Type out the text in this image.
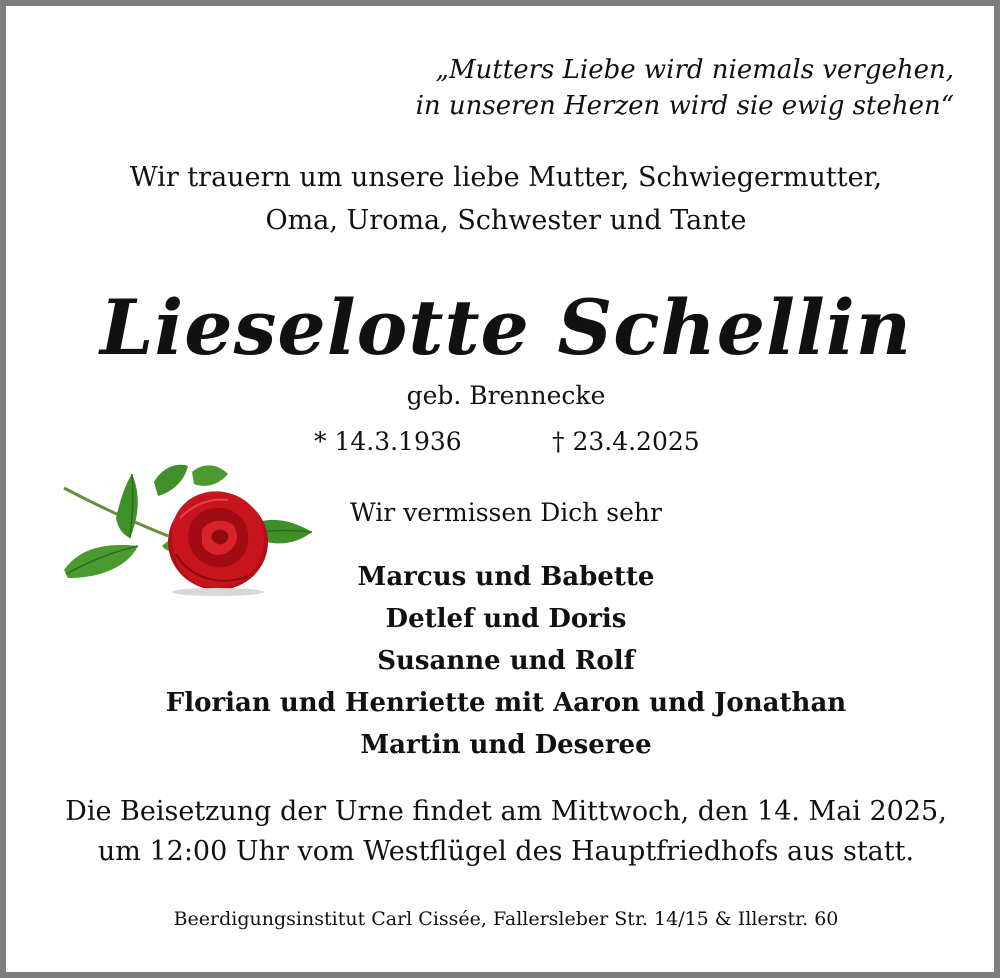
„Mutters Liebe wird niemals vergehen,
in unseren Herzen wird sie ewig stehen“
Wir trauern um unsere liebe Mutter, Schwiegermutter,
Oma, Uroma, Schwester und Tante
Lieselotte Schellin
geb. Brennecke
* 14.3.1936	† 23.4.2025
Wir vermissen Dich sehr
Marcus und Babette
Detlef und Doris
Susanne und Rolf
Florian und Henriette mit Aaron und Jonathan
Martin und Deseree
Die Beisetzung der Urne findet am Mittwoch, den 14. Mai 2025,
um 12:00 Uhr vom Westflügel des Hauptfriedhofs aus statt.
Beerdigungsinstitut Carl Cissée, Fallersleber Str. 14/15 & Illerstr. 60
